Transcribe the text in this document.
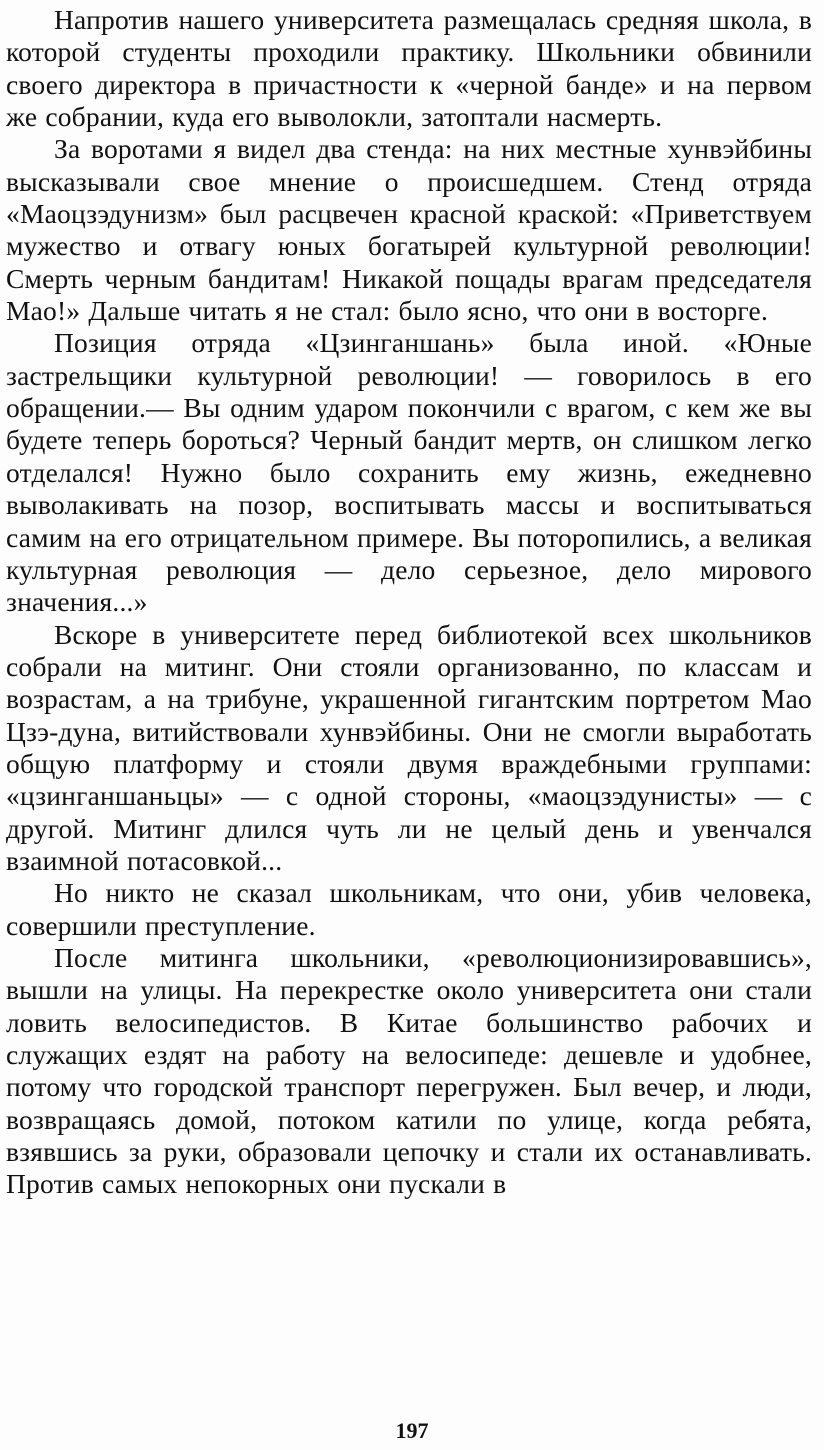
Напротив нашего университета размещалась средняя школа, в которой студенты проходили практику. Школьники обвинили своего директора в причастности к «черной банде» и на первом же собрании, куда его выволокли, затоптали насмерть.

За воротами я видел два стенда: на них местные хунвэйбины высказывали свое мнение о происшедшем. Стенд отряда «Маоцзэдунизм» был расцвечен красной краской: «Приветствуем мужество и отвагу юных богатырей культурной революции! Смерть черным бандитам! Никакой пощады врагам председателя Мао!» Дальше читать я не стал: было ясно, что они в восторге.

Позиция отряда «Цзинганшань» была иной. «Юные застрельщики культурной революции! — говорилось в его обращении.— Вы одним ударом покончили с врагом, с кем же вы будете теперь бороться? Черный бандит мертв, он слишком легко отделался! Нужно было сохранить ему жизнь, ежедневно выволакивать на позор, воспитывать массы и воспитываться самим на его отрицательном примере. Вы поторопились, а великая культурная революция — дело серьезное, дело мирового значения...»

Вскоре в университете перед библиотекой всех школьников собрали на митинг. Они стояли организованно, по классам и возрастам, а на трибуне, украшенной гигантским портретом Мао Цзэ-дуна, витийствовали хунвэйбины. Они не смогли выработать общую платформу и стояли двумя враждебными группами: «цзинганшаньцы» — с одной стороны, «маоцзэдунисты» — с другой. Митинг длился чуть ли не целый день и увенчался взаимной потасовкой...

Но никто не сказал школьникам, что они, убив человека, совершили преступление.

После митинга школьники, «революционизировавшись», вышли на улицы. На перекрестке около университета они стали ловить велосипедистов. В Китае большинство рабочих и служащих ездят на работу на велосипеде: дешевле и удобнее, потому что городской транспорт перегружен. Был вечер, и люди, возвращаясь домой, потоком катили по улице, когда ребята, взявшись за руки, образовали цепочку и стали их останавливать. Против самых непокорных они пускали в

197
